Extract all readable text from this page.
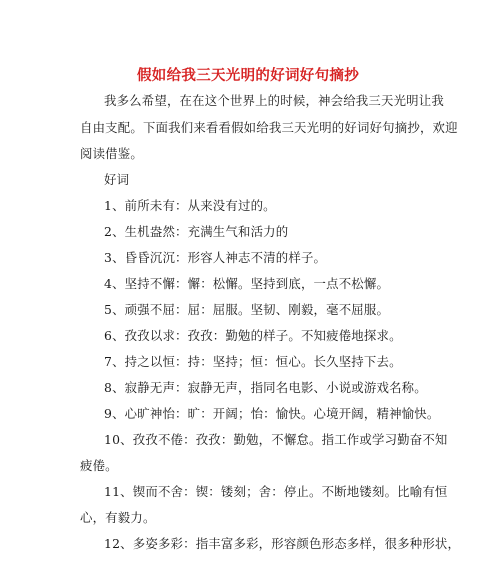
假如给我三天光明的好词好句摘抄
我多么希望，在在这个世界上的时候，神会给我三天光明让我
自由支配。下面我们来看看假如给我三天光明的好词好句摘抄，欢迎
阅读借鉴。
好词
1、前所未有：从来没有过的。
2、生机盎然：充满生气和活力的
3、昏昏沉沉：形容人神志不清的样子。
4、坚持不懈：懈：松懈。坚持到底，一点不松懈。
5、顽强不屈：屈：屈服。坚韧、刚毅，毫不屈服。
6、孜孜以求：孜孜：勤勉的样子。不知疲倦地探求。
7、持之以恒：持：坚持；恒：恒心。长久坚持下去。
8、寂静无声：寂静无声，指同名电影、小说或游戏名称。
9、心旷神怡：旷：开阔；怡：愉快。心境开阔，精神愉快。
10、孜孜不倦：孜孜：勤勉，不懈怠。指工作或学习勤奋不知
疲倦。
11、锲而不舍：锲：镂刻；舍：停止。不断地镂刻。比喻有恒
心，有毅力。
12、多姿多彩：指丰富多彩，形容颜色形态多样，很多种形状，
